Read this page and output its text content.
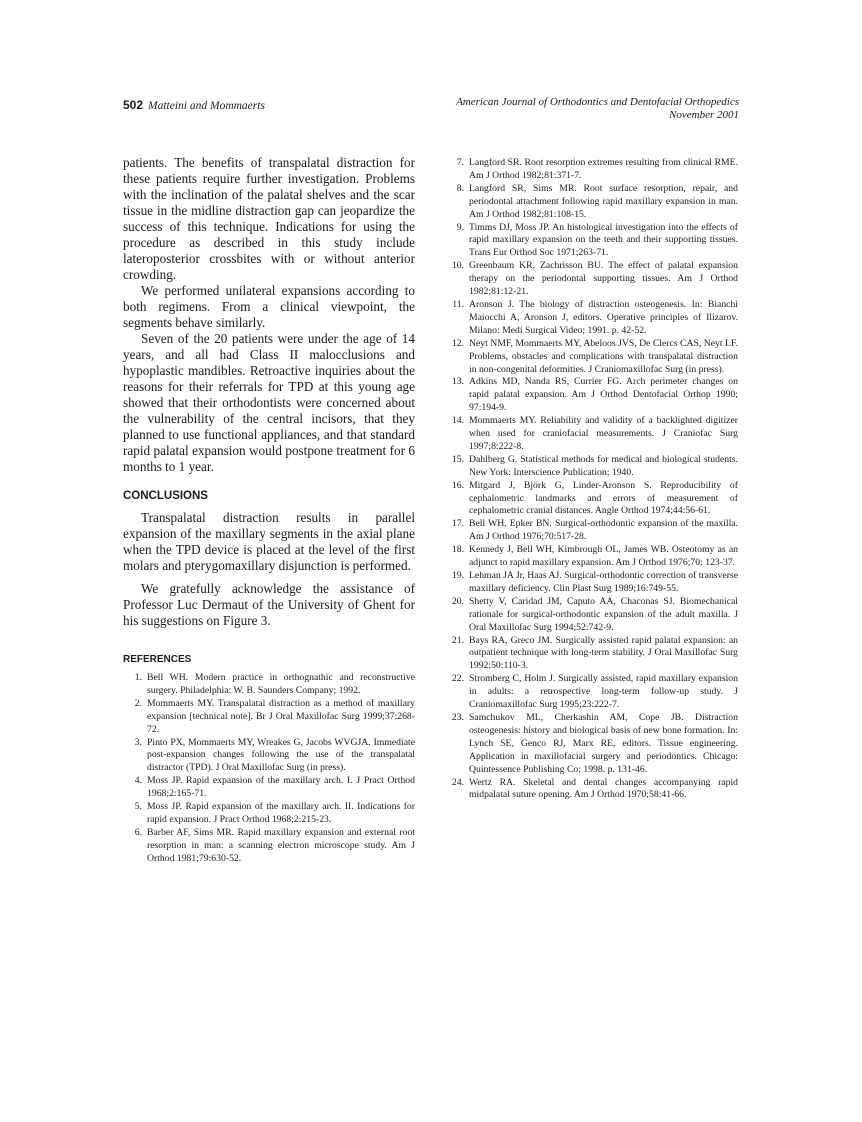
502 Matteini and Mommaerts	American Journal of Orthodontics and Dentofacial Orthopedics
November 2001

patients. The benefits of transpalatal distraction for these patients require further investigation. Problems with the inclination of the palatal shelves and the scar tissue in the midline distraction gap can jeopardize the success of this technique. Indications for using the procedure as described in this study include lateroposterior crossbites with or without anterior crowding.

We performed unilateral expansions according to both regimens. From a clinical viewpoint, the segments behave similarly.

Seven of the 20 patients were under the age of 14 years, and all had Class II malocclusions and hypoplastic mandibles. Retroactive inquiries about the reasons for their referrals for TPD at this young age showed that their orthodontists were concerned about the vulnerability of the central incisors, that they planned to use functional appliances, and that standard rapid palatal expansion would postpone treatment for 6 months to 1 year.

CONCLUSIONS

Transpalatal distraction results in parallel expansion of the maxillary segments in the axial plane when the TPD device is placed at the level of the first molars and pterygomaxillary disjunction is performed.

We gratefully acknowledge the assistance of Professor Luc Dermaut of the University of Ghent for his suggestions on Figure 3.

REFERENCES
1. Bell WH. Modern practice in orthognathic and reconstructive surgery. Philadelphia: W. B. Saunders Company; 1992.
2. Mommaerts MY. Transpalatal distraction as a method of maxillary expansion [technical note]. Br J Oral Maxillofac Surg 1999;37:268-72.
3. Pinto PX, Mommaerts MY, Wreakes G, Jacobs WVGJA. Immediate post-expansion changes following the use of the transpalatal distractor (TPD). J Oral Maxillofac Surg (in press).
4. Moss JP. Rapid expansion of the maxillary arch. I. J Pract Orthod 1968;2:165-71.
5. Moss JP. Rapid expansion of the maxillary arch. II. Indications for rapid expansion. J Pract Orthod 1968;2:215-23.
6. Barber AF, Sims MR. Rapid maxillary expansion and external root resorption in man: a scanning electron microscope study. Am J Orthod 1981;79:630-52.
7. Langford SR. Root resorption extremes resulting from clinical RME. Am J Orthod 1982;81:371-7.
8. Langford SR, Sims MR. Root surface resorption, repair, and periodontal attachment following rapid maxillary expansion in man. Am J Orthod 1982;81:108-15.
9. Timms DJ, Moss JP. An histological investigation into the effects of rapid maxillary expansion on the teeth and their supporting tissues. Trans Eur Orthod Soc 1971;263-71.
10. Greenbaum KR, Zachrisson BU. The effect of palatal expansion therapy on the periodontal supporting tissues. Am J Orthod 1982;81:12-21.
11. Aronson J. The biology of distraction osteogenesis. In: Bianchi Maiocchi A, Aronson J, editors. Operative principles of Ilizarov. Milano: Medi Surgical Video; 1991. p. 42-52.
12. Neyt NMF, Mommaerts MY, Abeloos JVS, De Clercs CAS, Neyt LF. Problems, obstacles and complications with transpalatal distraction in non-congenital deformities. J Craniomaxillofac Surg (in press).
13. Adkins MD, Nanda RS, Currier FG. Arch perimeter changes on rapid palatal expansion. Am J Orthod Dentofacial Orthop 1990; 97:194-9.
14. Mommaerts MY. Reliability and validity of a backlighted digitizer when used for craniofacial measurements. J Craniofac Surg 1997;8:222-8.
15. Dahlberg G. Statistical methods for medical and biological students. New York: Interscience Publication; 1940.
16. Mitgard J, Björk G, Linder-Aronson S. Reproducibility of cephalometric landmarks and errors of measurement of cephalometric cranial distances. Angle Orthod 1974;44:56-61.
17. Bell WH, Epker BN. Surgical-orthodontic expansion of the maxilla. Am J Orthod 1976;70:517-28.
18. Kennedy J, Bell WH, Kimbrough OL, James WB. Osteotomy as an adjunct to rapid maxillary expansion. Am J Orthod 1976;70: 123-37.
19. Lehman JA Jr, Haas AJ. Surgical-orthodontic correction of transverse maxillary deficiency. Clin Plast Surg 1989;16:749-55.
20. Shetty V, Caridad JM, Caputo AA, Chaconas SJ. Biomechanical rationale for surgical-orthodontic expansion of the adult maxilla. J Oral Maxillofac Surg 1994;52:742-9.
21. Bays RA, Greco JM. Surgically assisted rapid palatal expansion: an outpatient technique with long-term stability. J Oral Maxillofac Surg 1992;50:110-3.
22. Stromberg C, Holm J. Surgically assisted, rapid maxillary expansion in adults: a retrospective long-term follow-up study. J Craniomaxillofac Surg 1995;23:222-7.
23. Samchukov ML, Cherkashin AM, Cope JB. Distraction osteogenesis: history and biological basis of new bone formation. In: Lynch SE, Genco RJ, Marx RE, editors. Tissue engineering. Application in maxillofacial surgery and periodontics. Chicago: Quintessence Publishing Co; 1998. p. 131-46.
24. Wertz RA. Skeletal and dental changes accompanying rapid midpalatal suture opening. Am J Orthod 1970;58:41-66.
